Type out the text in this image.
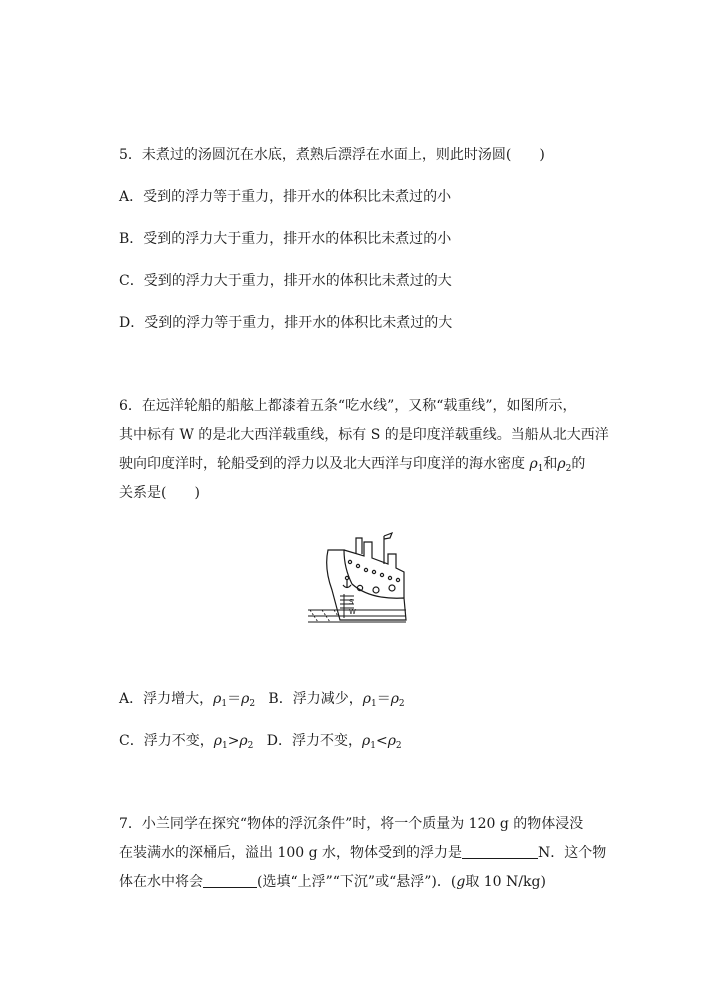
5．未煮过的汤圆沉在水底，煮熟后漂浮在水面上，则此时汤圆(　　)
A．受到的浮力等于重力，排开水的体积比未煮过的小
B．受到的浮力大于重力，排开水的体积比未煮过的小
C．受到的浮力大于重力，排开水的体积比未煮过的大
D．受到的浮力等于重力，排开水的体积比未煮过的大
6．在远洋轮船的船舷上都漆着五条“吃水线”，又称“载重线”，如图所示，
其中标有 W 的是北大西洋载重线，标有 S 的是印度洋载重线。当船从北大西洋
驶向印度洋时，轮船受到的浮力以及北大西洋与印度洋的海水密度 $\rho_1$和$\rho_2$的
关系是(　　)
S
W
A．浮力增大，$\rho_1=\rho_2$ B．浮力减少，$\rho_1=\rho_2$
C．浮力不变，$\rho_1>\rho_2$ D．浮力不变，$\rho_1<\rho_2$
7．小兰同学在探究“物体的浮沉条件”时，将一个质量为 120 g 的物体浸没
在装满水的深桶后，溢出 100 g 水，物体受到的浮力是	N．这个物
体在水中将会	(选填“上浮”“下沉”或“悬浮”)．(g取 10 N/kg)
